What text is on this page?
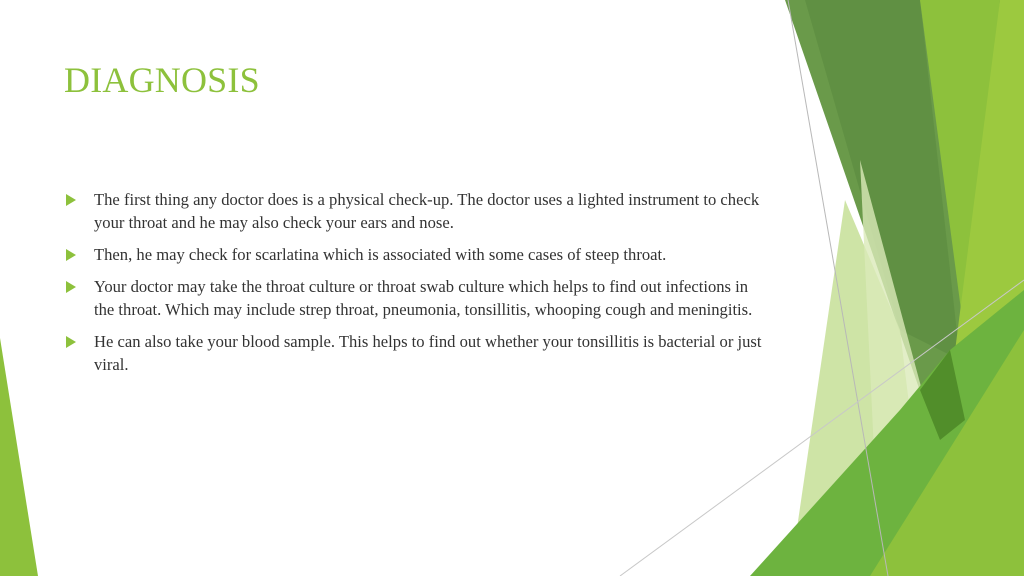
DIAGNOSIS
The first thing any doctor does is a physical check-up. The doctor uses a lighted instrument to check your throat and he may also check your ears and nose.
Then, he may check for scarlatina which is associated with some cases of steep throat.
Your doctor may take the throat culture or throat swab culture which helps to find out infections in the throat. Which may include strep throat, pneumonia, tonsillitis, whooping cough and meningitis.
He can also take your blood sample. This helps to find out whether your tonsillitis is bacterial or just viral.
